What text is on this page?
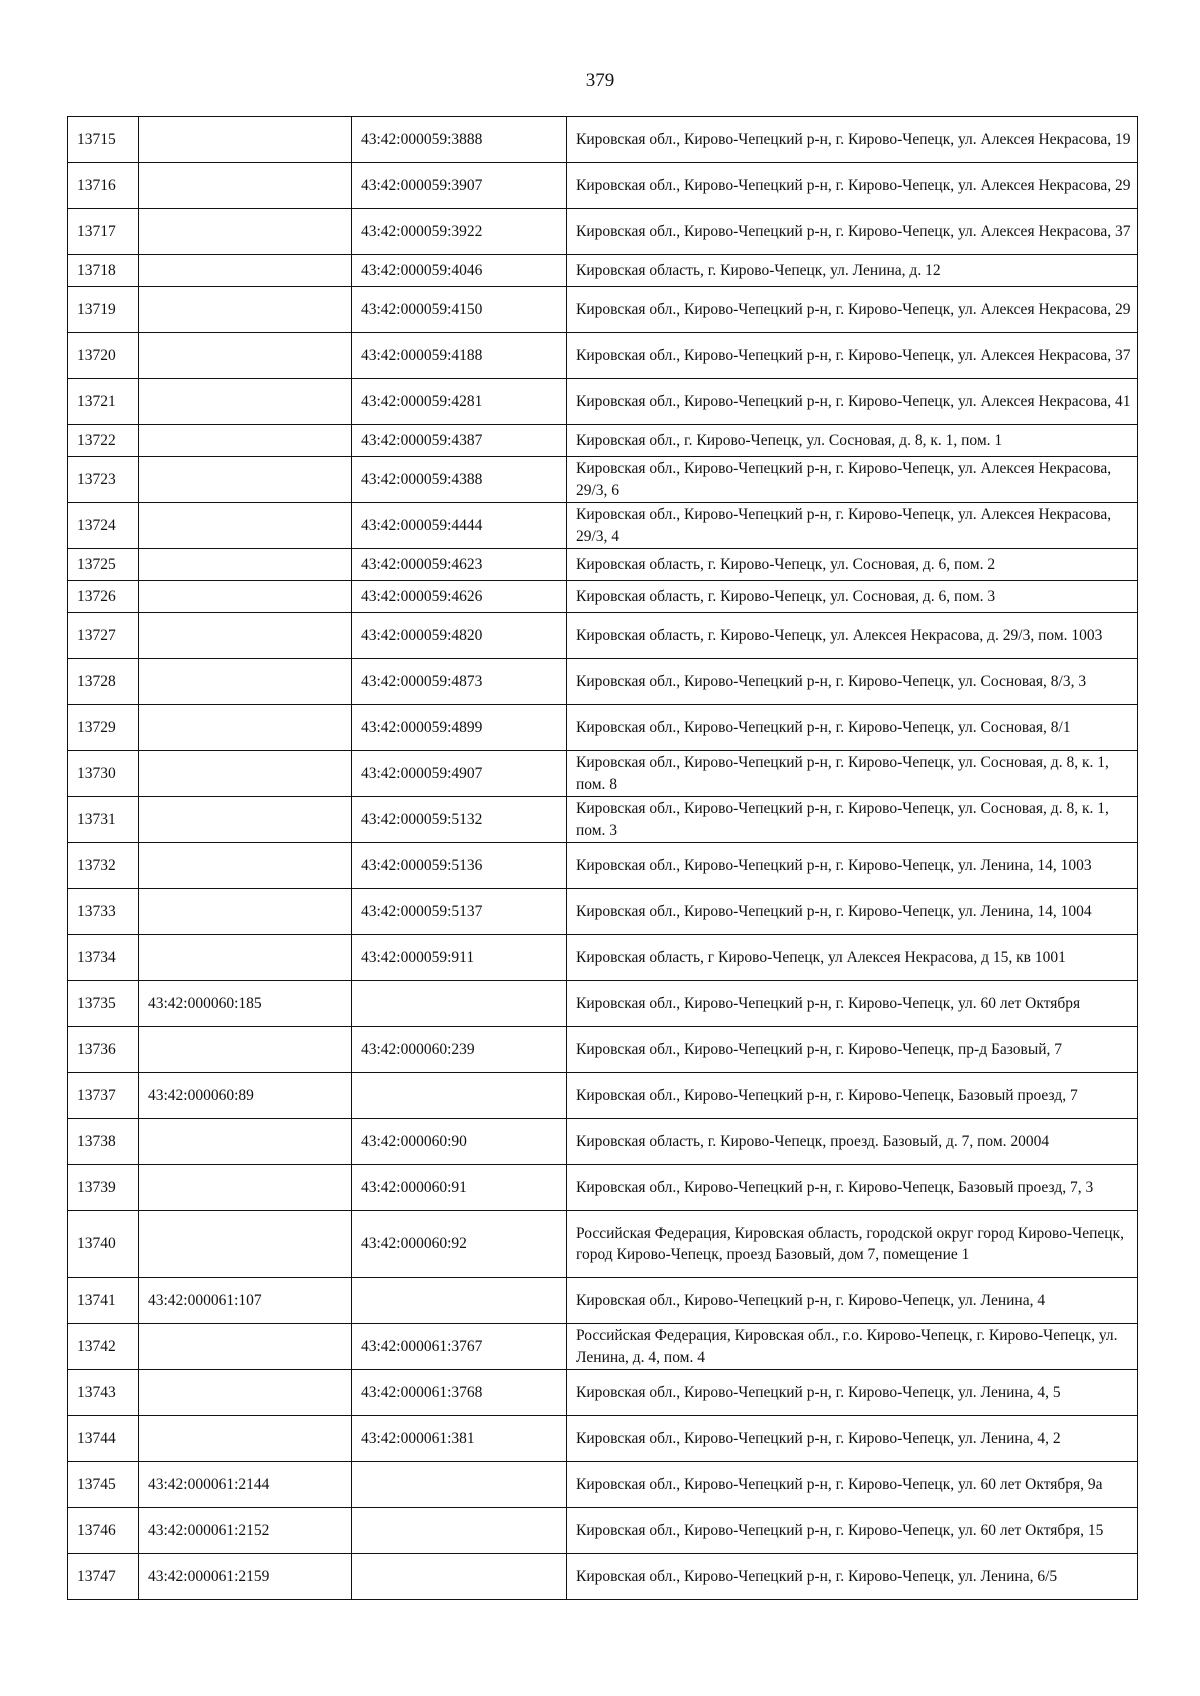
379
13715		43:42:000059:3888	Кировская обл., Кирово-Чепецкий р-н, г. Кирово-Чепецк, ул. Алексея Некрасова, 19
13716		43:42:000059:3907	Кировская обл., Кирово-Чепецкий р-н, г. Кирово-Чепецк, ул. Алексея Некрасова, 29
13717		43:42:000059:3922	Кировская обл., Кирово-Чепецкий р-н, г. Кирово-Чепецк, ул. Алексея Некрасова, 37
13718		43:42:000059:4046	Кировская область, г. Кирово-Чепецк, ул. Ленина, д. 12
13719		43:42:000059:4150	Кировская обл., Кирово-Чепецкий р-н, г. Кирово-Чепецк, ул. Алексея Некрасова, 29
13720		43:42:000059:4188	Кировская обл., Кирово-Чепецкий р-н, г. Кирово-Чепецк, ул. Алексея Некрасова, 37
13721		43:42:000059:4281	Кировская обл., Кирово-Чепецкий р-н, г. Кирово-Чепецк, ул. Алексея Некрасова, 41
13722		43:42:000059:4387	Кировская обл., г. Кирово-Чепецк, ул. Сосновая, д. 8, к. 1, пом. 1
13723		43:42:000059:4388	Кировская обл., Кирово-Чепецкий р-н, г. Кирово-Чепецк, ул. Алексея Некрасова, 29/3, 6
13724		43:42:000059:4444	Кировская обл., Кирово-Чепецкий р-н, г. Кирово-Чепецк, ул. Алексея Некрасова, 29/3, 4
13725		43:42:000059:4623	Кировская область, г. Кирово-Чепецк, ул. Сосновая, д. 6, пом. 2
13726		43:42:000059:4626	Кировская область, г. Кирово-Чепецк, ул. Сосновая, д. 6, пом. 3
13727		43:42:000059:4820	Кировская область, г. Кирово-Чепецк, ул. Алексея Некрасова, д. 29/3, пом. 1003
13728		43:42:000059:4873	Кировская обл., Кирово-Чепецкий р-н, г. Кирово-Чепецк, ул. Сосновая, 8/3, 3
13729		43:42:000059:4899	Кировская обл., Кирово-Чепецкий р-н, г. Кирово-Чепецк, ул. Сосновая, 8/1
13730		43:42:000059:4907	Кировская обл., Кирово-Чепецкий р-н, г. Кирово-Чепецк, ул. Сосновая, д. 8, к. 1, пом. 8
13731		43:42:000059:5132	Кировская обл., Кирово-Чепецкий р-н, г. Кирово-Чепецк, ул. Сосновая, д. 8, к. 1, пом. 3
13732		43:42:000059:5136	Кировская обл., Кирово-Чепецкий р-н, г. Кирово-Чепецк, ул. Ленина, 14, 1003
13733		43:42:000059:5137	Кировская обл., Кирово-Чепецкий р-н, г. Кирово-Чепецк, ул. Ленина, 14, 1004
13734		43:42:000059:911	Кировская область, г Кирово-Чепецк, ул Алексея Некрасова, д 15, кв 1001
13735	43:42:000060:185		Кировская обл., Кирово-Чепецкий р-н, г. Кирово-Чепецк, ул. 60 лет Октября
13736		43:42:000060:239	Кировская обл., Кирово-Чепецкий р-н, г. Кирово-Чепецк, пр-д Базовый, 7
13737	43:42:000060:89		Кировская обл., Кирово-Чепецкий р-н, г. Кирово-Чепецк, Базовый проезд, 7
13738		43:42:000060:90	Кировская область, г. Кирово-Чепецк, проезд. Базовый, д. 7, пом. 20004
13739		43:42:000060:91	Кировская обл., Кирово-Чепецкий р-н, г. Кирово-Чепецк, Базовый проезд, 7, 3
13740		43:42:000060:92	Российская Федерация, Кировская область, городской округ город Кирово-Чепецк, город Кирово-Чепецк, проезд Базовый, дом 7, помещение 1
13741	43:42:000061:107		Кировская обл., Кирово-Чепецкий р-н, г. Кирово-Чепецк, ул. Ленина, 4
13742		43:42:000061:3767	Российская Федерация, Кировская обл., г.о. Кирово-Чепецк, г. Кирово-Чепецк, ул. Ленина, д. 4, пом. 4
13743		43:42:000061:3768	Кировская обл., Кирово-Чепецкий р-н, г. Кирово-Чепецк, ул. Ленина, 4, 5
13744		43:42:000061:381	Кировская обл., Кирово-Чепецкий р-н, г. Кирово-Чепецк, ул. Ленина, 4, 2
13745	43:42:000061:2144		Кировская обл., Кирово-Чепецкий р-н, г. Кирово-Чепецк, ул. 60 лет Октября, 9а
13746	43:42:000061:2152		Кировская обл., Кирово-Чепецкий р-н, г. Кирово-Чепецк, ул. 60 лет Октября, 15
13747	43:42:000061:2159		Кировская обл., Кирово-Чепецкий р-н, г. Кирово-Чепецк, ул. Ленина, 6/5
